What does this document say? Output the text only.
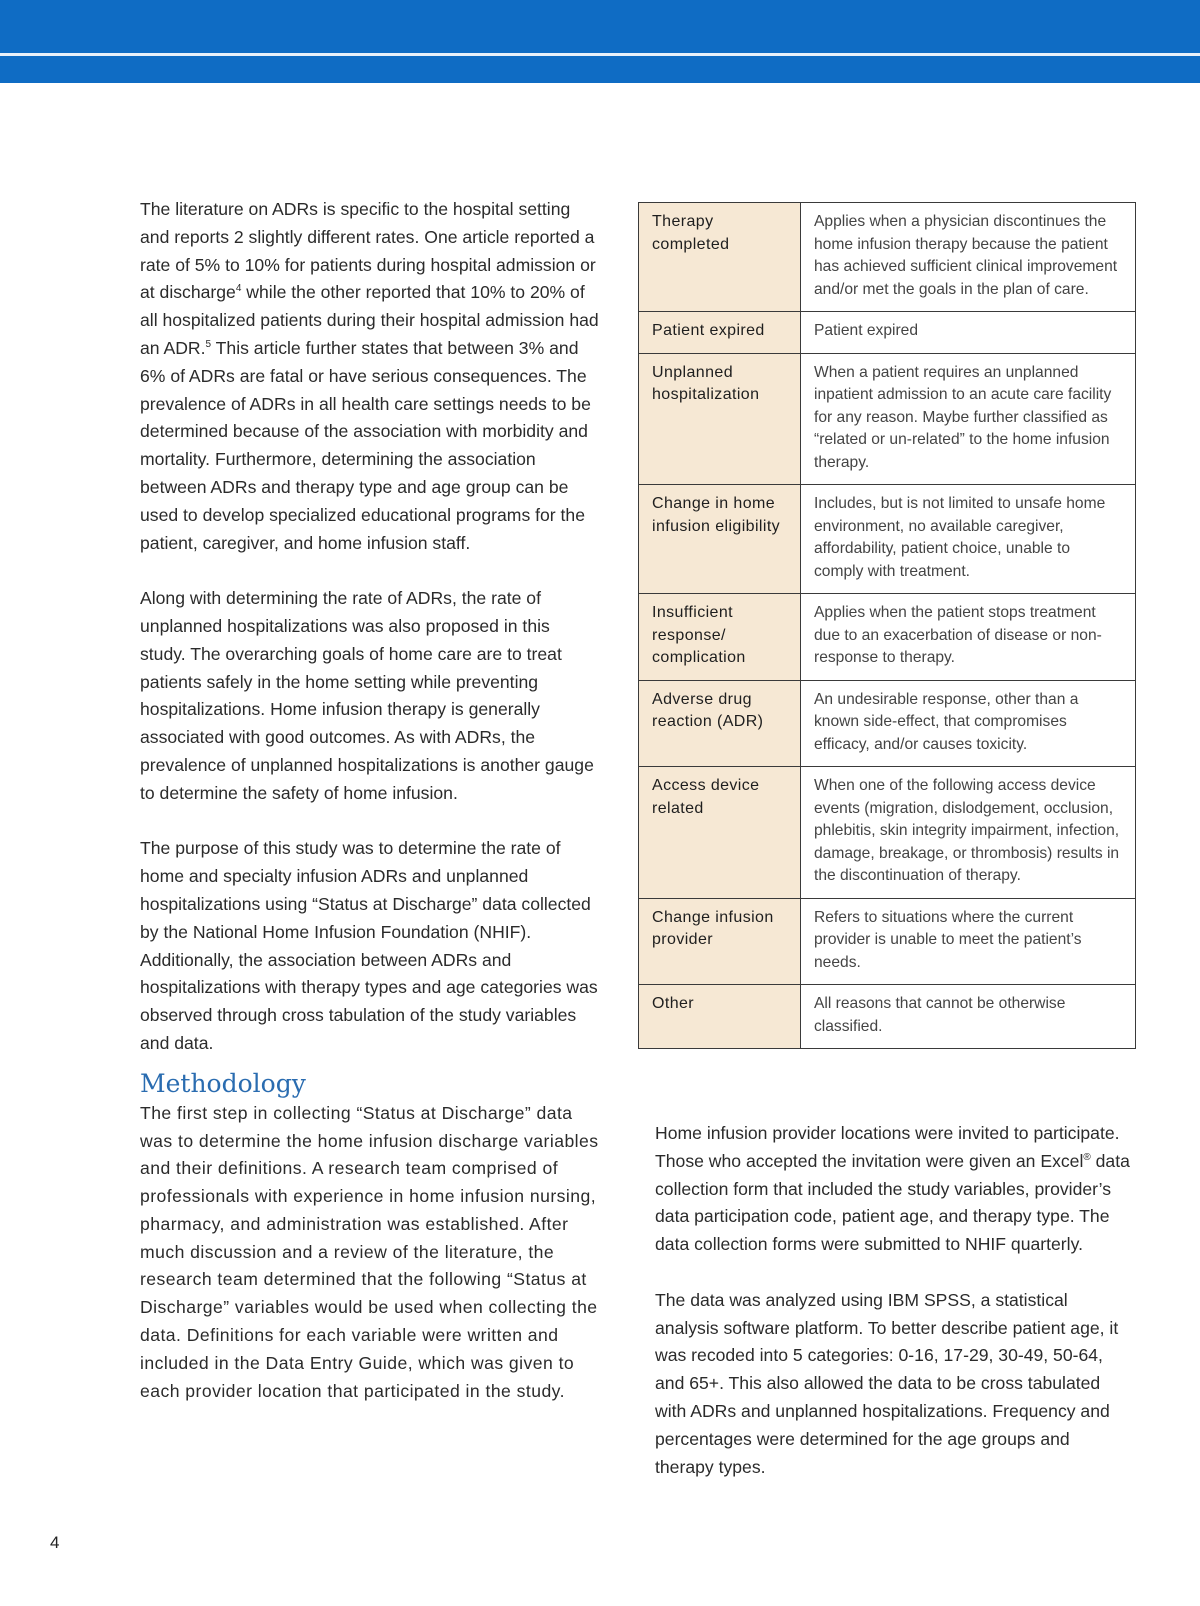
The literature on ADRs is specific to the hospital setting and reports 2 slightly different rates. One article reported a rate of 5% to 10% for patients during hospital admission or at discharge$^4$ while the other reported that 10% to 20% of all hospitalized patients during their hospital admission had an ADR.$^5$ This article further states that between 3% and 6% of ADRs are fatal or have serious consequences. The prevalence of ADRs in all health care settings needs to be determined because of the association with morbidity and mortality. Furthermore, determining the association between ADRs and therapy type and age group can be used to develop specialized educational programs for the patient, caregiver, and home infusion staff.

Along with determining the rate of ADRs, the rate of unplanned hospitalizations was also proposed in this study. The overarching goals of home care are to treat patients safely in the home setting while preventing hospitalizations. Home infusion therapy is generally associated with good outcomes. As with ADRs, the prevalence of unplanned hospitalizations is another gauge to determine the safety of home infusion.

The purpose of this study was to determine the rate of home and specialty infusion ADRs and unplanned hospitalizations using “Status at Discharge” data collected by the National Home Infusion Foundation (NHIF). Additionally, the association between ADRs and hospitalizations with therapy types and age categories was observed through cross tabulation of the study variables and data.

Methodology

The first step in collecting “Status at Discharge” data was to determine the home infusion discharge variables and their definitions. A research team comprised of professionals with experience in home infusion nursing, pharmacy, and administration was established. After much discussion and a review of the literature, the research team determined that the following “Status at Discharge” variables would be used when collecting the data. Definitions for each variable were written and included in the Data Entry Guide, which was given to each provider location that participated in the study.

Therapy completed	Applies when a physician discontinues the home infusion therapy because the patient has achieved sufficient clinical improvement and/or met the goals in the plan of care.
Patient expired	Patient expired
Unplanned hospitalization	When a patient requires an unplanned inpatient admission to an acute care facility for any reason. Maybe further classified as “related or un-related” to the home infusion therapy.
Change in home infusion eligibility	Includes, but is not limited to unsafe home environment, no available caregiver, affordability, patient choice, unable to comply with treatment.
Insufficient response/ complication	Applies when the patient stops treatment due to an exacerbation of disease or non-response to therapy.
Adverse drug reaction (ADR)	An undesirable response, other than a known side-effect, that compromises efficacy, and/or causes toxicity.
Access device related	When one of the following access device events (migration, dislodgement, occlusion, phlebitis, skin integrity impairment, infection, damage, breakage, or thrombosis) results in the discontinuation of therapy.
Change infusion provider	Refers to situations where the current provider is unable to meet the patient’s needs.
Other	All reasons that cannot be otherwise classified.

Home infusion provider locations were invited to participate. Those who accepted the invitation were given an Excel® data collection form that included the study variables, provider’s data participation code, patient age, and therapy type. The data collection forms were submitted to NHIF quarterly.

The data was analyzed using IBM SPSS, a statistical analysis software platform. To better describe patient age, it was recoded into 5 categories: 0-16, 17-29, 30-49, 50-64, and 65+. This also allowed the data to be cross tabulated with ADRs and unplanned hospitalizations. Frequency and percentages were determined for the age groups and therapy types.

4
